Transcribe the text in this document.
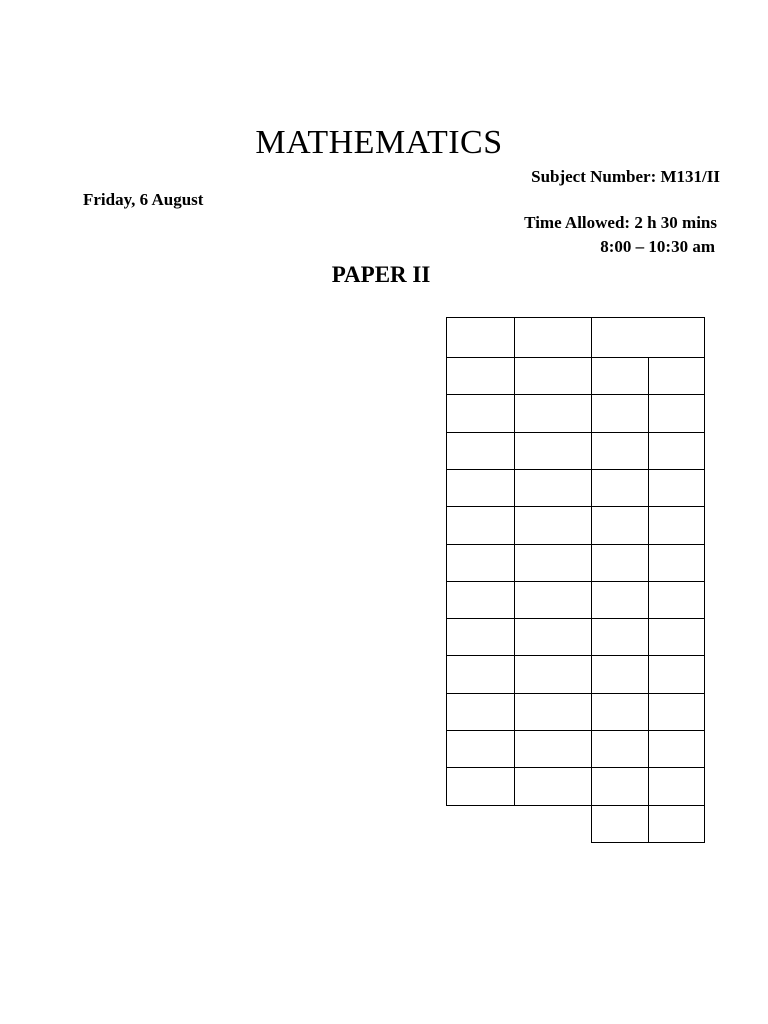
MATHEMATICS
Subject Number: M131/II
Friday, 6 August
Time Allowed: 2 h 30 mins
8:00 – 10:30 am
PAPER II
